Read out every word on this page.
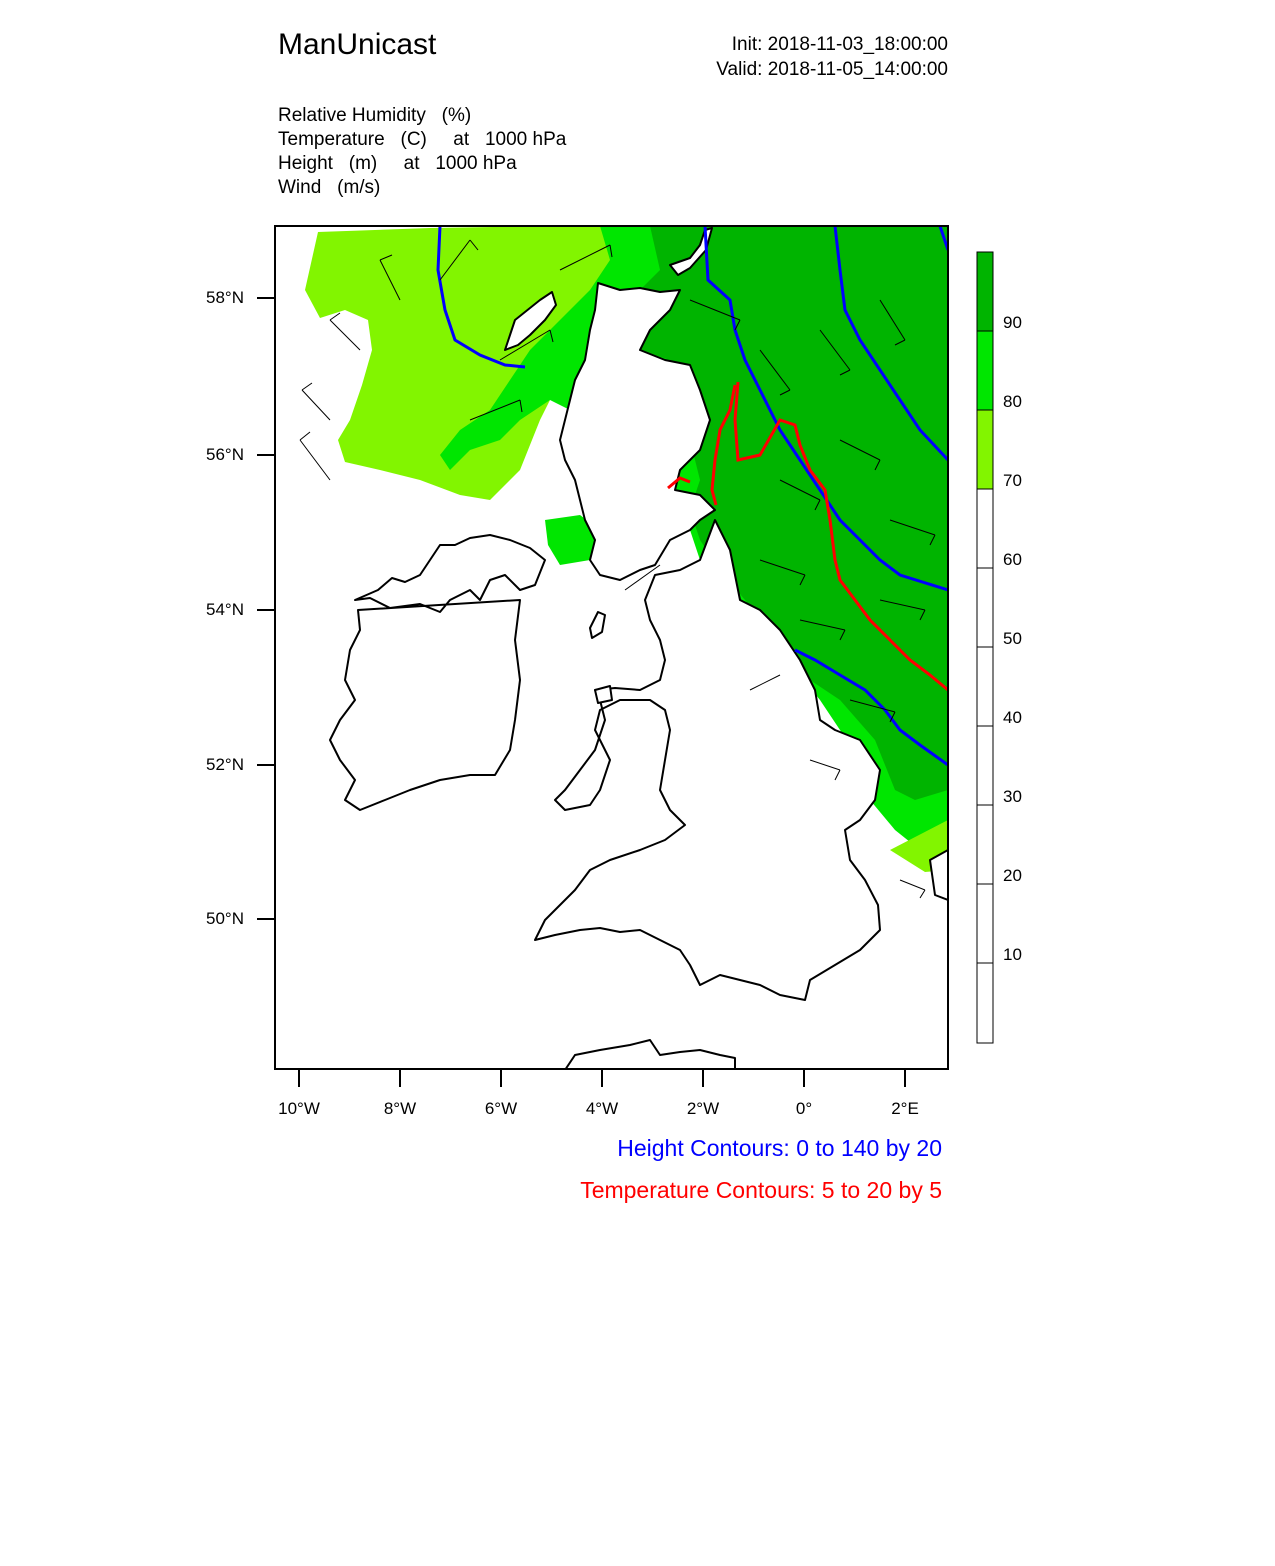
ManUnicast	Init: 2018-11-03_18:00:00
Valid: 2018-11-05_14:00:00
Relative Humidity   (%)
Temperature   (C)     at   1000 hPa
Height   (m)     at   1000 hPa
Wind   (m/s)
58°N
56°N
54°N
52°N
50°N
10°W	8°W	6°W	4°W	2°W	0°	2°E
90
80
70
60
50
40
30
20
10
Height Contours: 0 to 140 by 20
Temperature Contours: 5 to 20 by 5
